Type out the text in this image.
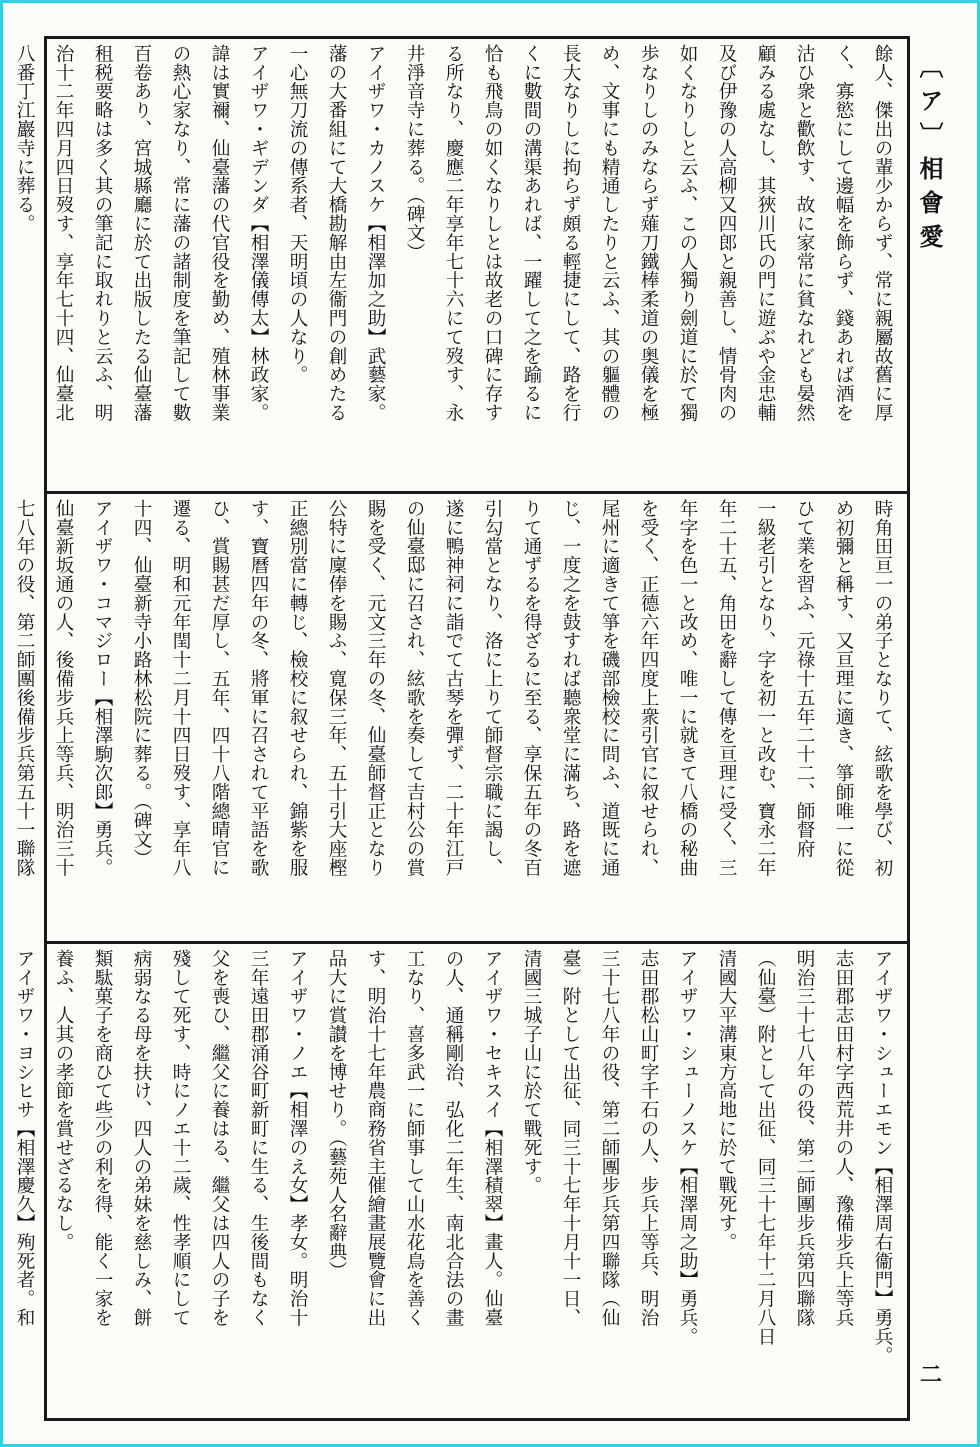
〔ア〕相會愛
二
餘人、傑出の輩少からず、常に親屬故舊に厚
く、寡慾にして邊幅を飾らず、錢あれば酒を
沽ひ衆と歡飲す、故に家常に貧なれども晏然
顧みる處なし、其狹川氏の門に遊ぶや金忠輔
及び伊豫の人高柳又四郎と親善し、情骨肉の
如くなりしと云ふ、この人獨り劍道に於て獨
歩なりしのみならず薙刀鐵棒柔道の奥儀を極
め、文事にも精通したりと云ふ、其の軀體の
長大なりしに拘らず頗る輕捷にして、路を行
くに數間の溝渠あれば、一躍して之を踰るに
恰も飛鳥の如くなりしとは故老の口碑に存す
る所なり、慶應二年享年七十六にて歿す、永
井淨音寺に葬る。（碑文）
アイザワ・カノスケ【相澤加之助】武藝家。
藩の大番組にて大橋勘解由左衞門の創めたる
一心無刀流の傳系者、天明頃の人なり。
アイザワ・ギデンダ【相澤儀傳太】林政家。
諱は實禰、仙臺藩の代官役を勤め、殖林事業
の熱心家なり、常に藩の諸制度を筆記して數
百卷あり、宮城縣廳に於て出版したる仙臺藩
租税要略は多く其の筆記に取れりと云ふ、明
治十二年四月四日歿す、享年七十四、仙臺北
八番丁江巖寺に葬る。
時角田亘一の弟子となりて、絃歌を學び、初
め初彌と稱す、又亘理に適き、箏師唯一に從
ひて業を習ふ、元祿十五年二十二、師督府
一級老引となり、字を初一と改む、寶永二年
年二十五、角田を辭して傳を亘理に受く、三
年字を色一と改め、唯一に就きて八橋の秘曲
を受く、正德六年四度上衆引官に叙せられ、
尾州に適きて箏を磯部檢校に問ふ、道既に通
じ、一度之を鼓すれば聽衆堂に滿ち、路を遮
りて通ずるを得ざるに至る、享保五年の冬百
引勾當となり、洛に上りて師督宗職に謁し、
遂に鴨神祠に詣でて古琴を彈ず、二十年江戸
の仙臺邸に召され、絃歌を奏して吉村公の賞
賜を受く、元文三年の冬、仙臺師督正となり
公特に廩俸を賜ふ、寛保三年、五十引大座樫
正總別當に轉じ、檢校に叙せられ、錦紫を服
す、寶曆四年の冬、將軍に召されて平語を歌
ひ、賞賜甚だ厚し、五年、四十八階總晴官に
遷る、明和元年閏十二月十四日歿す、享年八
十四、仙臺新寺小路林松院に葬る。（碑文）
アイザワ・コマジロー【相澤駒次郎】勇兵。
仙臺新坂通の人、後備步兵上等兵、明治三十
七八年の役、第二師團後備步兵第五十一聯隊
アイザワ・シューエモン【相澤周右衞門】勇兵。
志田郡志田村字西荒井の人、豫備步兵上等兵
明治三十七八年の役、第二師團步兵第四聯隊
（仙臺）附として出征、同三十七年十二月八日
清國大平溝東方高地に於て戰死す。
アイザワ・シューノスケ【相澤周之助】勇兵。
志田郡松山町字千石の人、步兵上等兵、明治
三十七八年の役、第二師團步兵第四聯隊（仙
臺）附として出征、同三十七年十月十一日、
清國三城子山に於て戰死す。
アイザワ・セキスイ【相澤積翠】畫人。仙臺
の人、通稱剛治、弘化二年生、南北合法の畫
工なり、喜多武一に師事して山水花鳥を善く
す、明治十七年農商務省主催繪畫展覽會に出
品大に賞讃を博せり。（藝苑人名辭典）
アイザワ・ノエ【相澤のえ女】孝女。明治十
三年遠田郡涌谷町新町に生る、生後間もなく
父を喪ひ、繼父に養はる、繼父は四人の子を
殘して死す、時にノエ十二歲、性孝順にして
病弱なる母を扶け、四人の弟妹を慈しみ、餅
類駄菓子を商ひて些少の利を得、能く一家を
養ふ、人其の孝節を賞せざるなし。
アイザワ・ヨシヒサ【相澤慶久】殉死者。和
